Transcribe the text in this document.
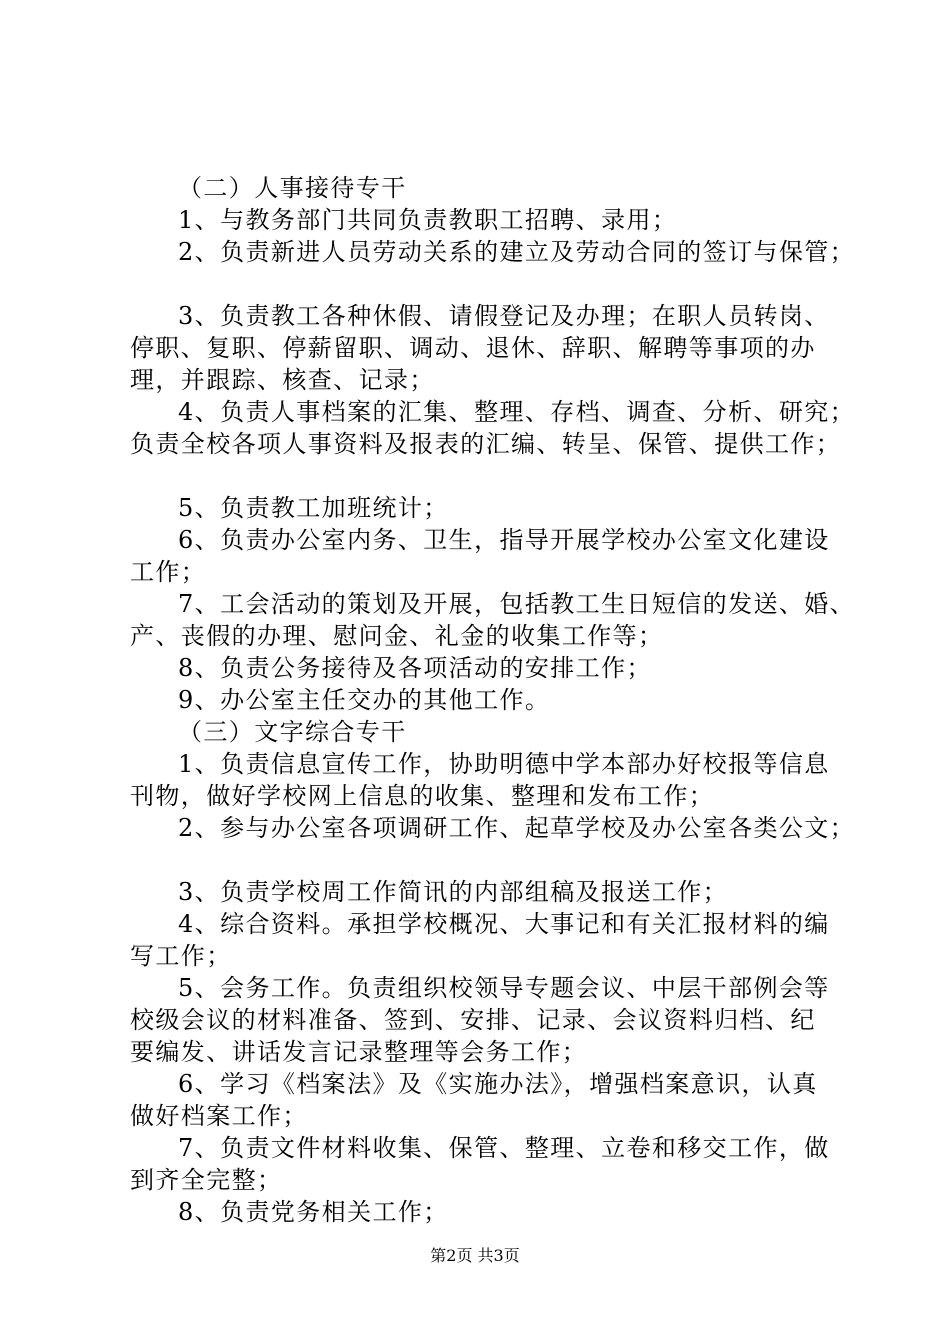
（二）人事接待专干
1、与教务部门共同负责教职工招聘、录用；
2、负责新进人员劳动关系的建立及劳动合同的签订与保管；
3、负责教工各种休假、请假登记及办理；在职人员转岗、
停职、复职、停薪留职、调动、退休、辞职、解聘等事项的办
理，并跟踪、核查、记录；
4、负责人事档案的汇集、整理、存档、调查、分析、研究；
负责全校各项人事资料及报表的汇编、转呈、保管、提供工作；
5、负责教工加班统计；
6、负责办公室内务、卫生，指导开展学校办公室文化建设
工作；
7、工会活动的策划及开展，包括教工生日短信的发送、婚、
产、丧假的办理、慰问金、礼金的收集工作等；
8、负责公务接待及各项活动的安排工作；
9、办公室主任交办的其他工作。
（三）文字综合专干
1、负责信息宣传工作，协助明德中学本部办好校报等信息
刊物，做好学校网上信息的收集、整理和发布工作；
2、参与办公室各项调研工作、起草学校及办公室各类公文；
3、负责学校周工作简讯的内部组稿及报送工作；
4、综合资料。承担学校概况、大事记和有关汇报材料的编
写工作；
5、会务工作。负责组织校领导专题会议、中层干部例会等
校级会议的材料准备、签到、安排、记录、会议资料归档、纪
要编发、讲话发言记录整理等会务工作；
6、学习《档案法》及《实施办法》，增强档案意识，认真
做好档案工作；
7、负责文件材料收集、保管、整理、立卷和移交工作，做
到齐全完整；
8、负责党务相关工作；
第2页 共3页
